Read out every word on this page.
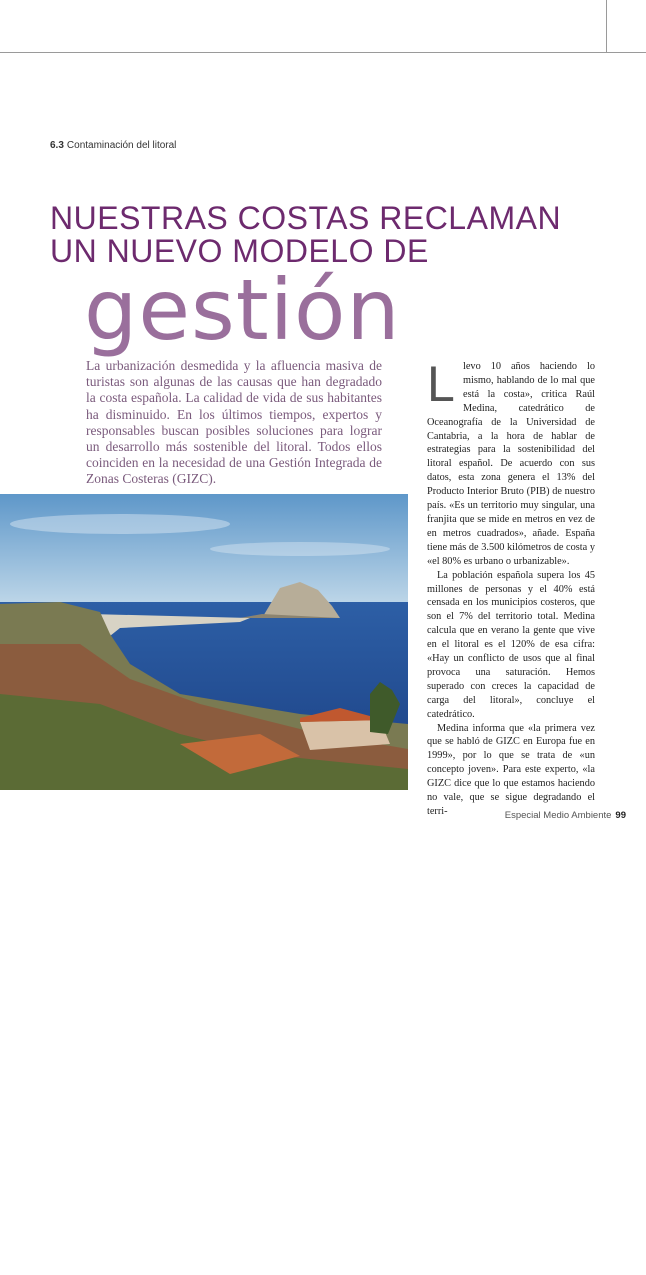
6.3 Contaminación del litoral
NUESTRAS COSTAS RECLAMAN
UN NUEVO MODELO DE
gestión

La urbanización desmedida y la afluencia masiva de turistas son algunas de las causas que han degradado la costa española. La calidad de vida de sus habitantes ha disminuido. En los últimos tiempos, expertos y responsables buscan posibles soluciones para lograr un desarrollo más sostenible del litoral. Todos ellos coinciden en la necesidad de una Gestión Integrada de Zonas Costeras (GIZC).

Calpe (Alicante).

Llevo 10 años haciendo lo mismo, hablando de lo mal que está la costa», critica Raúl Medina, catedrático de Oceanografía de la Universidad de Cantabria, a la hora de hablar de estrategias para la sostenibilidad del litoral español. De acuerdo con sus datos, esta zona genera el 13% del Producto Interior Bruto (PIB) de nuestro país. «Es un territorio muy singular, una franjita que se mide en metros en vez de en metros cuadrados», añade. España tiene más de 3.500 kilómetros de costa y «el 80% es urbano o urbanizable».

La población española supera los 45 millones de personas y el 40% está censada en los municipios costeros, que son el 7% del territorio total. Medina calcula que en verano la gente que vive en el litoral es el 120% de esa cifra: «Hay un conflicto de usos que al final provoca una saturación. Hemos superado con creces la capacidad de carga del litoral», concluye el catedrático.

Medina informa que «la primera vez que se habló de GIZC en Europa fue en 1999», por lo que se trata de «un concepto joven». Para este experto, «la GIZC dice que lo que estamos haciendo no vale, que se sigue degradando el terri-	Especial Medio Ambiente 99
